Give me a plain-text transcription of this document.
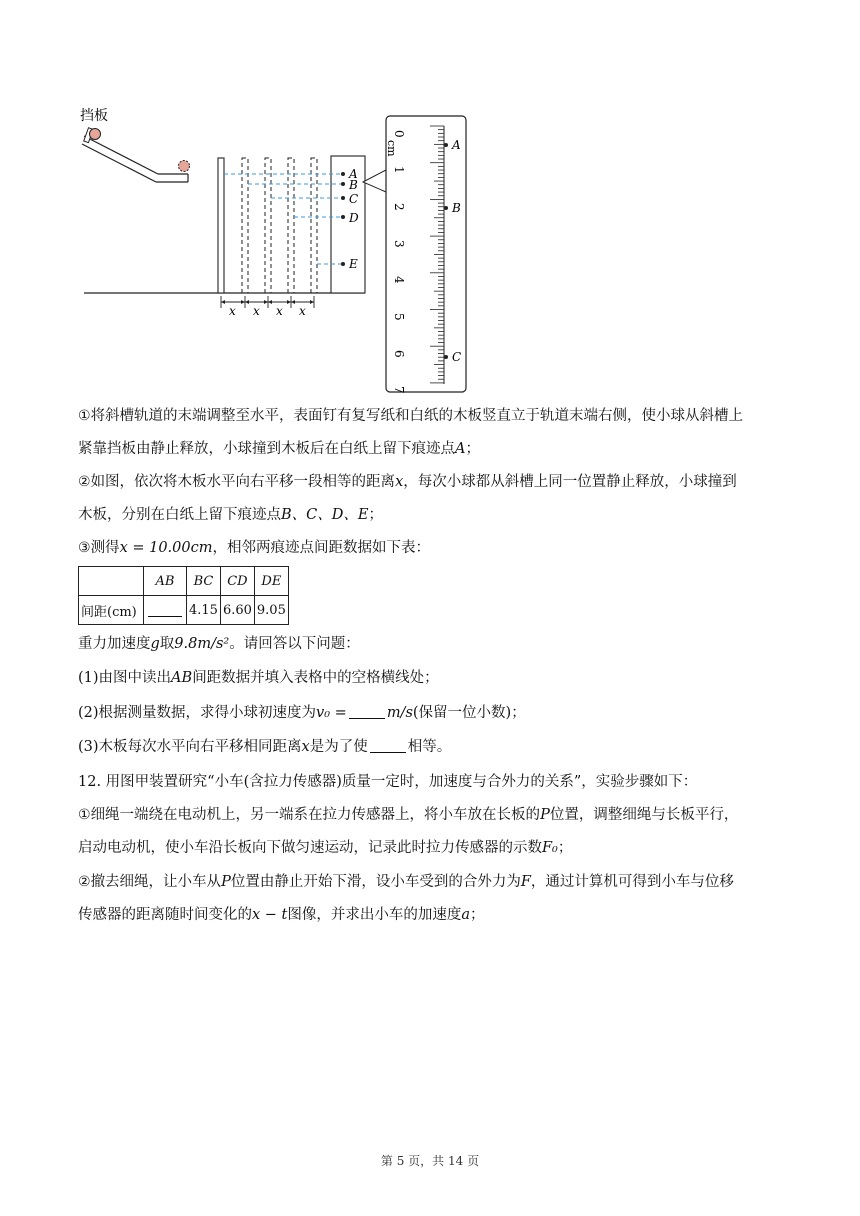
挡板
A
B
C
D
E
x x x x
0
1
2
3
4
5
6
7
cm	A
B
C
①将斜槽轨道的末端调整至水平，表面钉有复写纸和白纸的木板竖直立于轨道末端右侧，使小球从斜槽上
紧靠挡板由静止释放，小球撞到木板后在白纸上留下痕迹点A；
②如图，依次将木板水平向右平移一段相等的距离x，每次小球都从斜槽上同一位置静止释放，小球撞到
木板，分别在白纸上留下痕迹点B、C、D、E；
③测得x = 10.00cm，相邻两痕迹点间距数据如下表：
	AB	BC	CD	DE
间距(cm)		4.15	6.60	9.05
重力加速度g取9.8m/s²。请回答以下问题：
(1)由图中读出AB间距数据并填入表格中的空格横线处；
(2)根据测量数据，求得小球初速度为v₀ =	m/s(保留一位小数)；
(3)木板每次水平向右平移相同距离x是为了使	相等。
12. 用图甲装置研究“小车(含拉力传感器)质量一定时，加速度与合外力的关系”，实验步骤如下：
①细绳一端绕在电动机上，另一端系在拉力传感器上，将小车放在长板的P位置，调整细绳与长板平行，
启动电动机，使小车沿长板向下做匀速运动，记录此时拉力传感器的示数F₀；
②撤去细绳，让小车从P位置由静止开始下滑，设小车受到的合外力为F，通过计算机可得到小车与位移
传感器的距离随时间变化的x − t图像，并求出小车的加速度a；
第 5 页，共 14 页
